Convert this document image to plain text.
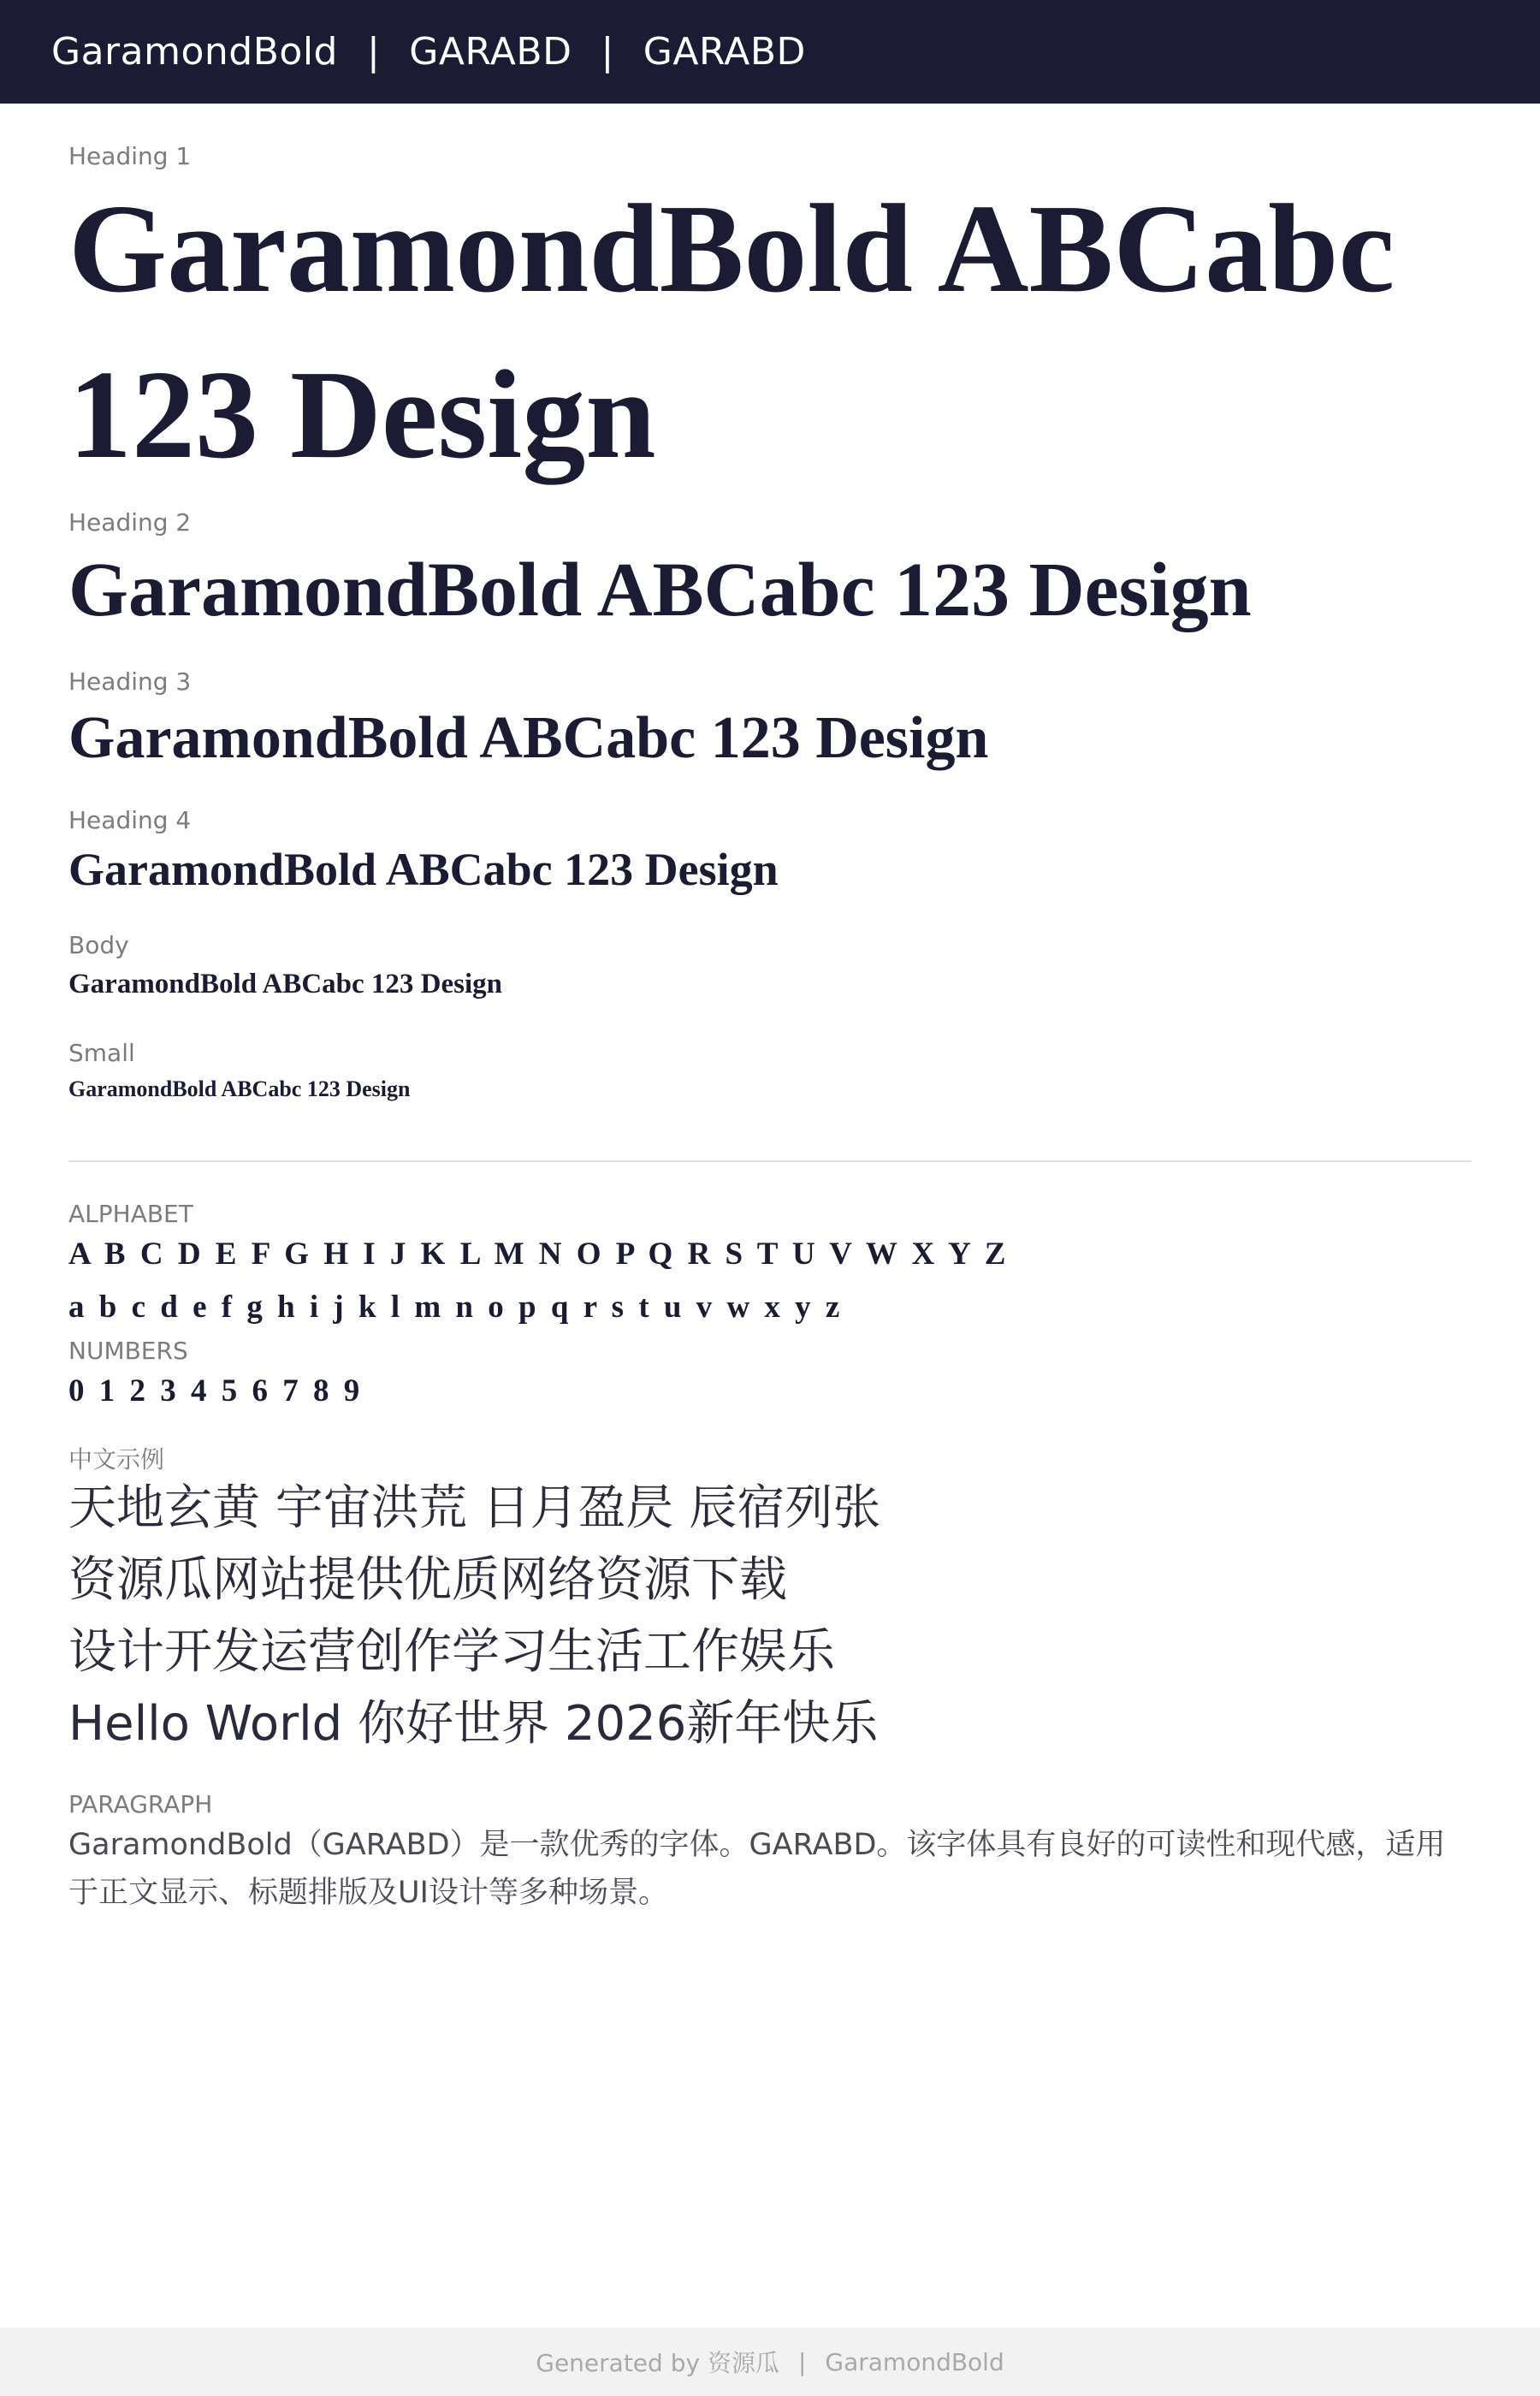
GaramondBold | GARABD | GARABD
Heading 1
GaramondBold ABCabc 123 Design
Heading 2
GaramondBold ABCabc 123 Design
Heading 3
GaramondBold ABCabc 123 Design
Heading 4
GaramondBold ABCabc 123 Design
Body
GaramondBold ABCabc 123 Design
Small
GaramondBold ABCabc 123 Design
ALPHABET
A B C D E F G H I J K L M N O P Q R S T U V W X Y Z
a b c d e f g h i j k l m n o p q r s t u v w x y z
NUMBERS
0 1 2 3 4 5 6 7 8 9
中文示例
天地玄黄 宇宙洪荒 日月盈昃 辰宿列张
资源瓜网站提供优质网络资源下载
设计开发运营创作学习生活工作娱乐
Hello World 你好世界 2026新年快乐
PARAGRAPH
GaramondBold（GARABD）是一款优秀的字体。GARABD。该字体具有良好的可读性和现代感，适用于正文显示、标题排版及UI设计等多种场景。
Generated by 资源瓜 | GaramondBold
